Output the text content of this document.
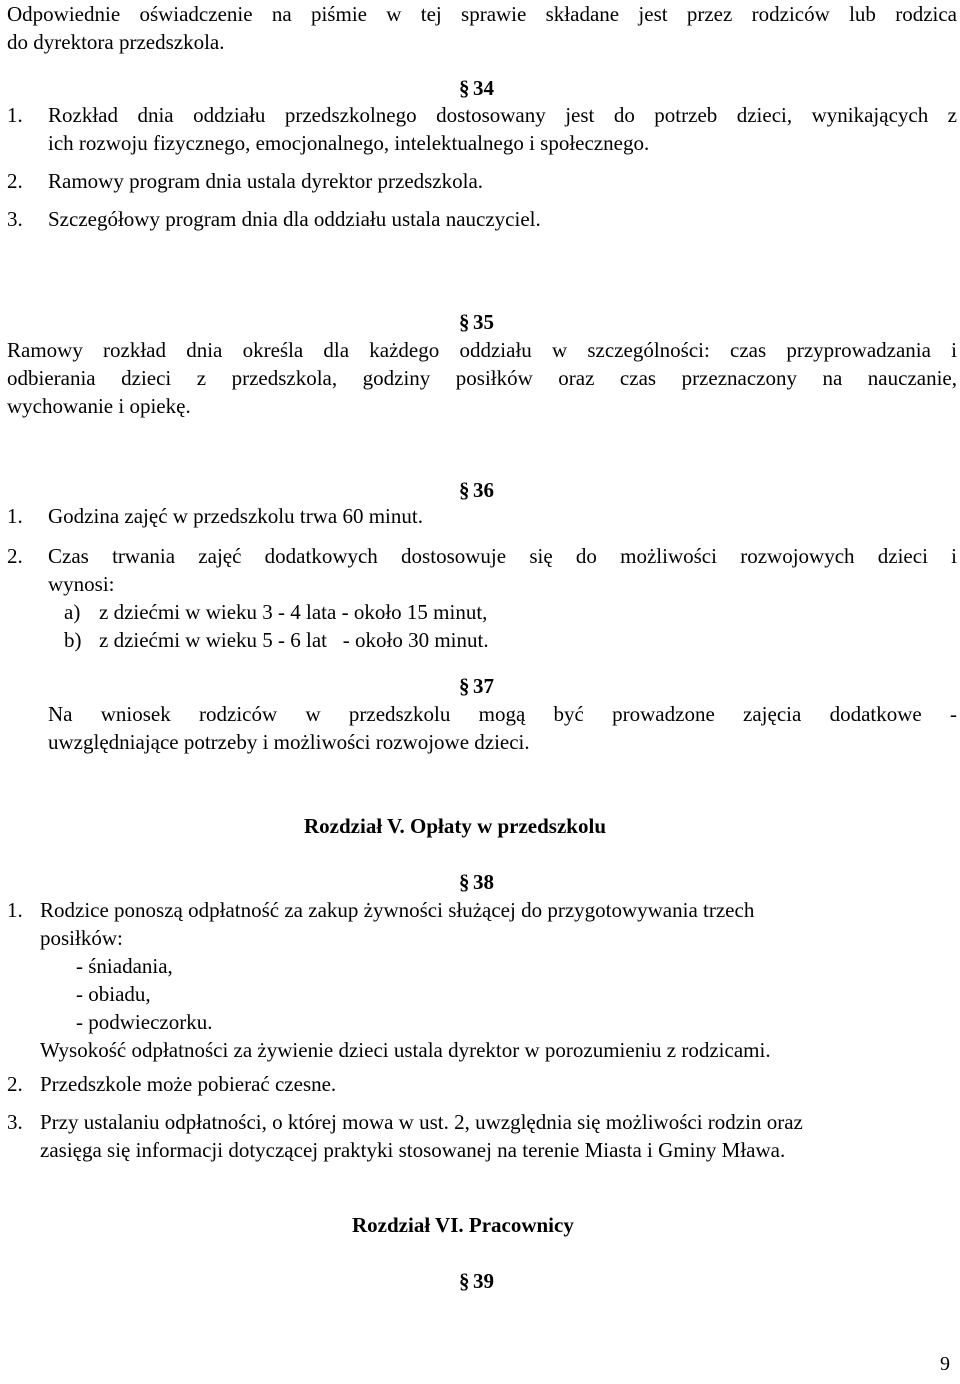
Odpowiednie oświadczenie na piśmie w tej sprawie składane jest przez rodziców lub rodzica
do dyrektora przedszkola.
§ 34
1. Rozkład dnia oddziału przedszkolnego dostosowany jest do potrzeb dzieci, wynikających z
ich rozwoju fizycznego, emocjonalnego, intelektualnego i społecznego.
2. Ramowy program dnia ustala dyrektor przedszkola.
3. Szczegółowy program dnia dla oddziału ustala nauczyciel.
§ 35
Ramowy rozkład dnia określa dla każdego oddziału w szczególności: czas przyprowadzania i
odbierania dzieci z przedszkola, godziny posiłków oraz czas przeznaczony na nauczanie,
wychowanie i opiekę.
§ 36
1. Godzina zajęć w przedszkolu trwa 60 minut.
2. Czas trwania zajęć dodatkowych dostosowuje się do możliwości rozwojowych dzieci i
wynosi:
a) z dziećmi w wieku 3 - 4 lata - około 15 minut,
b) z dziećmi w wieku 5 - 6 lat   - około 30 minut.
§ 37
Na wniosek rodziców w przedszkolu mogą być prowadzone zajęcia dodatkowe -
uwzględniające potrzeby i możliwości rozwojowe dzieci.
Rozdział V. Opłaty w przedszkolu
§ 38
1. Rodzice ponoszą odpłatność za zakup żywności służącej do przygotowywania trzech
posiłków:
- śniadania,
- obiadu,
- podwieczorku.
Wysokość odpłatności za żywienie dzieci ustala dyrektor w porozumieniu z rodzicami.
2. Przedszkole może pobierać czesne.
3. Przy ustalaniu odpłatności, o której mowa w ust. 2, uwzględnia się możliwości rodzin oraz
zasięga się informacji dotyczącej praktyki stosowanej na terenie Miasta i Gminy Mława.
Rozdział VI. Pracownicy
§ 39
9
